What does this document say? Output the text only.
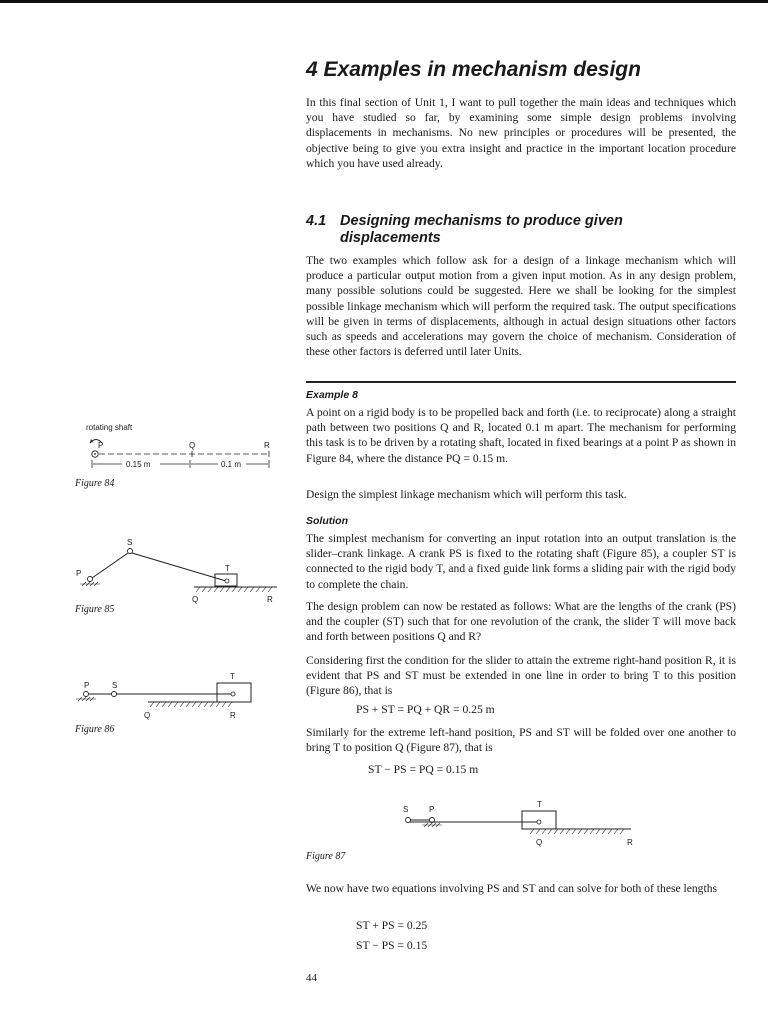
4 Examples in mechanism design

In this final section of Unit 1, I want to pull together the main ideas and techniques which you have studied so far, by examining some simple design problems involving displacements in mechanisms. No new principles or procedures will be presented, the objective being to give you extra insight and practice in the important location procedure which you have used already.

4.1 Designing mechanisms to produce given
displacements

The two examples which follow ask for a design of a linkage mechanism which will produce a particular output motion from a given input motion. As in any design problem, many possible solutions could be suggested. Here we shall be looking for the simplest possible linkage mechanism which will perform the required task. The output specifications will be given in terms of displacements, although in actual design situations other factors such as speeds and accelerations may govern the choice of mechanism. Consideration of these other factors is deferred until later Units.

Example 8

A point on a rigid body is to be propelled back and forth (i.e. to reciprocate) along a straight path between two positions Q and R, located 0.1 m apart. The mechanism for performing this task is to be driven by a rotating shaft, located in fixed bearings at a point P as shown in Figure 84, where the distance PQ = 0.15 m.

Design the simplest linkage mechanism which will perform this task.

Solution

The simplest mechanism for converting an input rotation into an output translation is the slider–crank linkage. A crank PS is fixed to the rotating shaft (Figure 85), a coupler ST is connected to the rigid body T, and a fixed guide link forms a sliding pair with the rigid body to complete the chain.

The design problem can now be restated as follows: What are the lengths of the crank (PS) and the coupler (ST) such that for one revolution of the crank, the slider T will move back and forth between positions Q and R?

Considering first the condition for the slider to attain the extreme right-hand position R, it is evident that PS and ST must be extended in one line in order to bring T to this position (Figure 86), that is

PS + ST = PQ + QR = 0.25 m

Similarly for the extreme left-hand position, PS and ST will be folded over one another to bring T to position Q (Figure 87), that is

ST − PS = PQ = 0.15 m

We now have two equations involving PS and ST and can solve for both of these lengths

ST + PS = 0.25
ST − PS = 0.15
rotating shaft
P	Q	R
0.15 m	0.1 m
Figure 84
S
P
T
Q	R
Figure 85
P	S
T
Q	R
Figure 86
S	P
T
Q	R
Figure 87
44
